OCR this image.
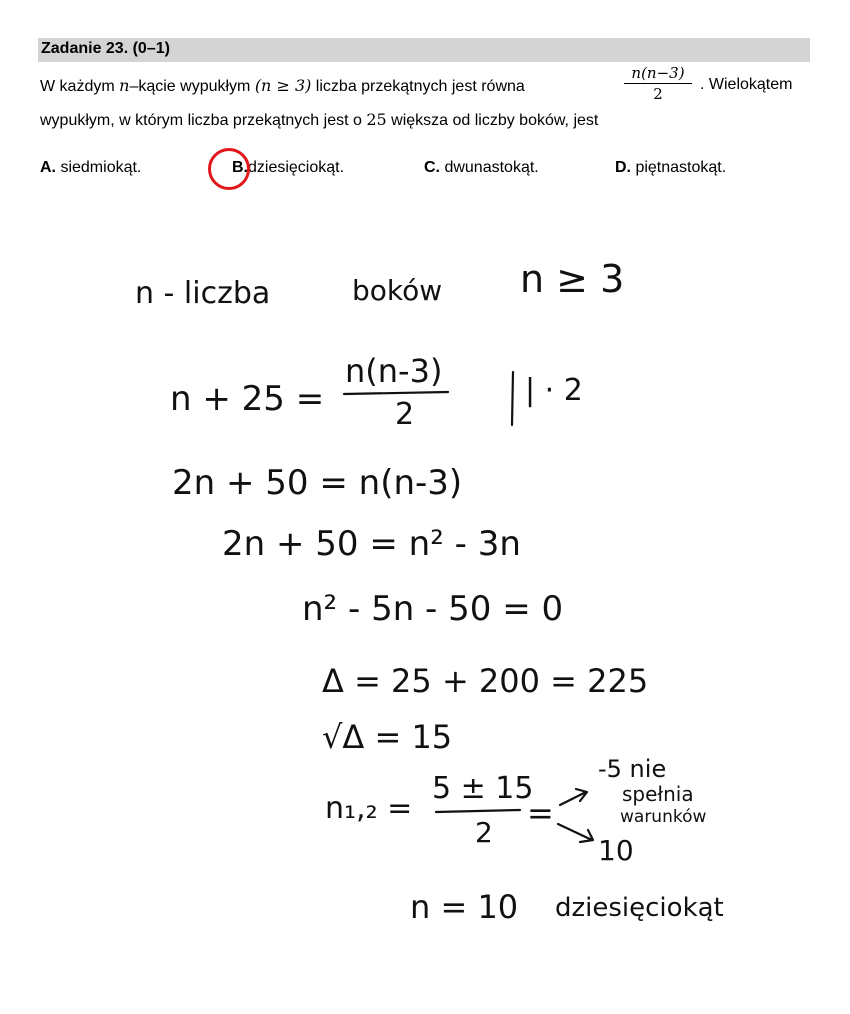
Zadanie 23. (0–1)
W każdym n–kącie wypukłym (n ≥ 3) liczba przekątnych jest równa	$\frac{n(n-3)}{2}$ . Wielokątem
wypukłym, w którym liczba przekątnych jest o 25 większa od liczby boków, jest
A. siedmiokąt.	B.dziesięciokąt.	C. dwunastokąt.	D. piętnastokąt.
n - liczba	boków n ≥ 3
n + 25 =
n(n-3)
2
| · 2
2n + 50 = n(n-3)
2n + 50 = n² - 3n
n² - 5n - 50 = 0
Δ = 25 + 200 = 225
√Δ = 15
n₁,₂ =
5 ± 15
2
=
-5 nie
spełnia
warunków
10
n = 10 dziesięciokąt
